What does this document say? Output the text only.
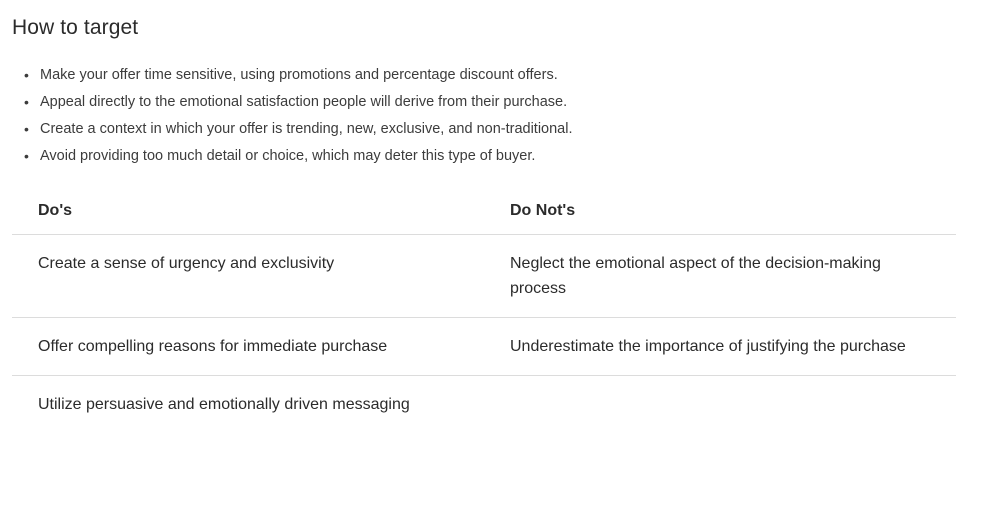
How to target
• Make your offer time sensitive, using promotions and percentage discount offers.
• Appeal directly to the emotional satisfaction people will derive from their purchase.
• Create a context in which your offer is trending, new, exclusive, and non-traditional.
• Avoid providing too much detail or choice, which may deter this type of buyer.
Do's	Do Not's

Create a sense of urgency and exclusivity	Neglect the emotional aspect of the decision-making process

Offer compelling reasons for immediate purchase	Underestimate the importance of justifying the purchase

Utilize persuasive and emotionally driven messaging	
